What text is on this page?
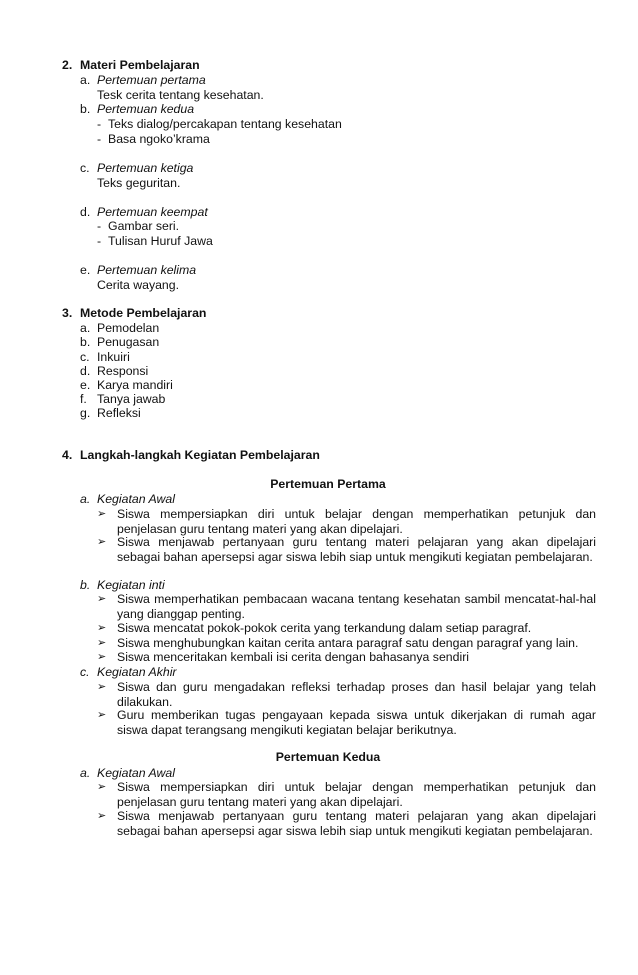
2. Materi Pembelajaran
a. Pertemuan pertama
Tesk cerita tentang kesehatan.
b. Pertemuan kedua
- Teks dialog/percakapan tentang kesehatan
- Basa ngoko’krama
c. Pertemuan ketiga
Teks geguritan.
d. Pertemuan keempat
- Gambar seri.
- Tulisan Huruf Jawa
e. Pertemuan kelima
Cerita wayang.
3. Metode Pembelajaran
a. Pemodelan
b. Penugasan
c. Inkuiri
d. Responsi
e. Karya mandiri
f. Tanya jawab
g. Refleksi
4. Langkah-langkah Kegiatan Pembelajaran
Pertemuan Pertama
a. Kegiatan Awal
➢ Siswa mempersiapkan diri untuk belajar dengan memperhatikan petunjuk dan penjelasan guru tentang materi yang akan dipelajari.
➢ Siswa menjawab pertanyaan guru tentang materi pelajaran yang akan dipelajari sebagai bahan apersepsi agar siswa lebih siap untuk mengikuti kegiatan pembelajaran.
b. Kegiatan inti
➢ Siswa memperhatikan pembacaan wacana tentang kesehatan sambil mencatat-hal-hal yang dianggap penting.
➢ Siswa mencatat pokok-pokok cerita yang terkandung dalam setiap paragraf.
➢ Siswa menghubungkan kaitan cerita antara paragraf satu dengan paragraf yang lain.
➢ Siswa menceritakan kembali isi cerita dengan bahasanya sendiri
c. Kegiatan Akhir
➢ Siswa dan guru mengadakan refleksi terhadap proses dan hasil belajar yang telah dilakukan.
➢ Guru memberikan tugas pengayaan kepada siswa untuk dikerjakan di rumah agar siswa dapat terangsang mengikuti kegiatan belajar berikutnya.
Pertemuan Kedua
a. Kegiatan Awal
➢ Siswa mempersiapkan diri untuk belajar dengan memperhatikan petunjuk dan penjelasan guru tentang materi yang akan dipelajari.
➢ Siswa menjawab pertanyaan guru tentang materi pelajaran yang akan dipelajari sebagai bahan apersepsi agar siswa lebih siap untuk mengikuti kegiatan pembelajaran.
